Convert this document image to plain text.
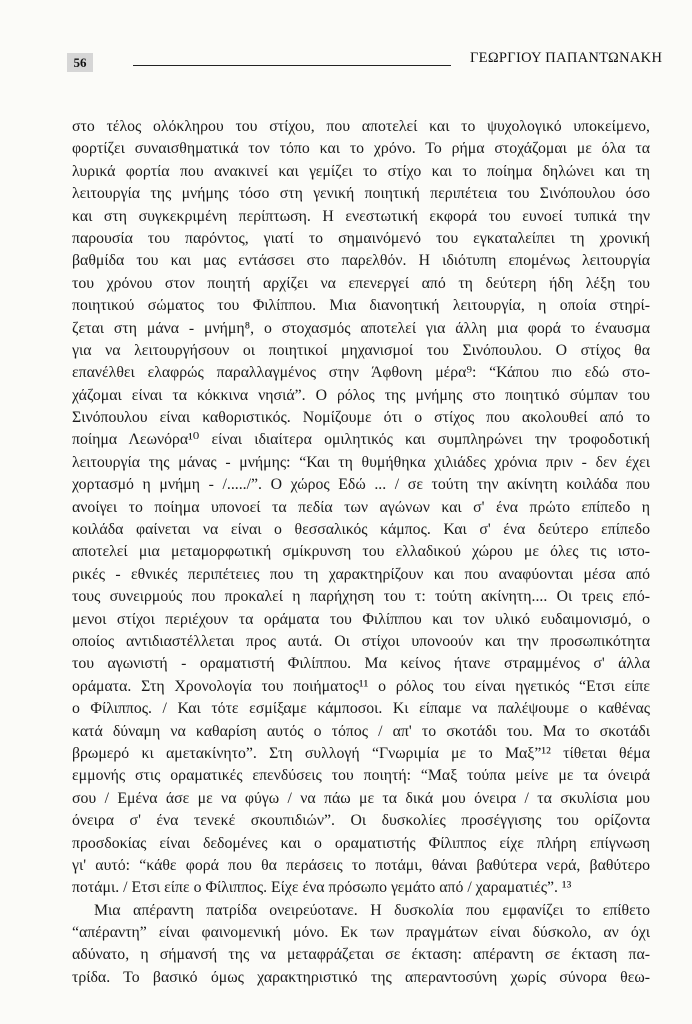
56	ΓΕΩΡΓΙΟΥ ΠΑΠΑΝΤΩΝΑΚΗ
στο τέλος ολόκληρου του στίχου, που αποτελεί και το ψυχολογικό υποκείμενο,
φορτίζει συναισθηματικά τον τόπο και το χρόνο. Το ρήμα στοχάζομαι με όλα τα
λυρικά φορτία που ανακινεί και γεμίζει το στίχο και το ποίημα δηλώνει και τη
λειτουργία της μνήμης τόσο στη γενική ποιητική περιπέτεια του Σινόπουλου όσο
και στη συγκεκριμένη περίπτωση. Η ενεστωτική εκφορά του ευνοεί τυπικά την
παρουσία του παρόντος, γιατί το σημαινόμενό του εγκαταλείπει τη χρονική
βαθμίδα του και μας εντάσσει στο παρελθόν. Η ιδιότυπη επομένως λειτουργία
του χρόνου στον ποιητή αρχίζει να επενεργεί από τη δεύτερη ήδη λέξη του
ποιητικού σώματος του Φιλίππου. Μια διανοητική λειτουργία, η οποία στηρί-
ζεται στη μάνα - μνήμη⁸, ο στοχασμός αποτελεί για άλλη μια φορά το έναυσμα
για να λειτουργήσουν οι ποιητικοί μηχανισμοί του Σινόπουλου. Ο στίχος θα
επανέλθει ελαφρώς παραλλαγμένος στην Άφθονη μέρα⁹: “Κάπου πιο εδώ στο-
χάζομαι είναι τα κόκκινα νησιά”. Ο ρόλος της μνήμης στο ποιητικό σύμπαν του
Σινόπουλου είναι καθοριστικός. Νομίζουμε ότι ο στίχος που ακολουθεί από το
ποίημα Λεωνόρα¹⁰ είναι ιδιαίτερα ομιλητικός και συμπληρώνει την τροφοδοτική
λειτουργία της μάνας - μνήμης: “Και τη θυμήθηκα χιλιάδες χρόνια πριν - δεν έχει
χορτασμό η μνήμη - /...../”. Ο χώρος Εδώ ... / σε τούτη την ακίνητη κοιλάδα που
ανοίγει το ποίημα υπονοεί τα πεδία των αγώνων και σ' ένα πρώτο επίπεδο η
κοιλάδα φαίνεται να είναι ο θεσσαλικός κάμπος. Και σ' ένα δεύτερο επίπεδο
αποτελεί μια μεταμορφωτική σμίκρυνση του ελλαδικού χώρου με όλες τις ιστο-
ρικές - εθνικές περιπέτειες που τη χαρακτηρίζουν και που αναφύονται μέσα από
τους συνειρμούς που προκαλεί η παρήχηση του τ: τούτη ακίνητη.... Οι τρεις επό-
μενοι στίχοι περιέχουν τα οράματα του Φιλίππου και τον υλικό ευδαιμονισμό, ο
οποίος αντιδιαστέλλεται προς αυτά. Οι στίχοι υπονοούν και την προσωπικότητα
του αγωνιστή - οραματιστή Φιλίππου. Μα κείνος ήτανε στραμμένος σ' άλλα
οράματα. Στη Χρονολογία του ποιήματος¹¹ ο ρόλος του είναι ηγετικός “Ετσι είπε
ο Φίλιππος. / Και τότε εσμίξαμε κάμποσοι. Κι είπαμε να παλέψουμε ο καθένας
κατά δύναμη να καθαρίση αυτός ο τόπος / απ' το σκοτάδι του. Μα το σκοτάδι
βρωμερό κι αμετακίνητο”. Στη συλλογή “Γνωριμία με το Μαξ”¹² τίθεται θέμα
εμμονής στις οραματικές επενδύσεις του ποιητή: “Μαξ τούπα μείνε με τα όνειρά
σου / Εμένα άσε με να φύγω / να πάω με τα δικά μου όνειρα / τα σκυλίσια μου
όνειρα σ' ένα τενεκέ σκουπιδιών”. Οι δυσκολίες προσέγγισης του ορίζοντα
προσδοκίας είναι δεδομένες και ο οραματιστής Φίλιππος είχε πλήρη επίγνωση
γι' αυτό: “κάθε φορά που θα περάσεις το ποτάμι, θάναι βαθύτερα νερά, βαθύτερο
ποτάμι. / Ετσι είπε ο Φίλιππος. Είχε ένα πρόσωπο γεμάτο από / χαραματιές”. ¹³
Μια απέραντη πατρίδα ονειρεύοτανε. Η δυσκολία που εμφανίζει το επίθετο
“απέραντη” είναι φαινομενική μόνο. Εκ των πραγμάτων είναι δύσκολο, αν όχι
αδύνατο, η σήμανσή της να μεταφράζεται σε έκταση: απέραντη σε έκταση πα-
τρίδα. Το βασικό όμως χαρακτηριστικό της απεραντοσύνη χωρίς σύνορα θεω-
